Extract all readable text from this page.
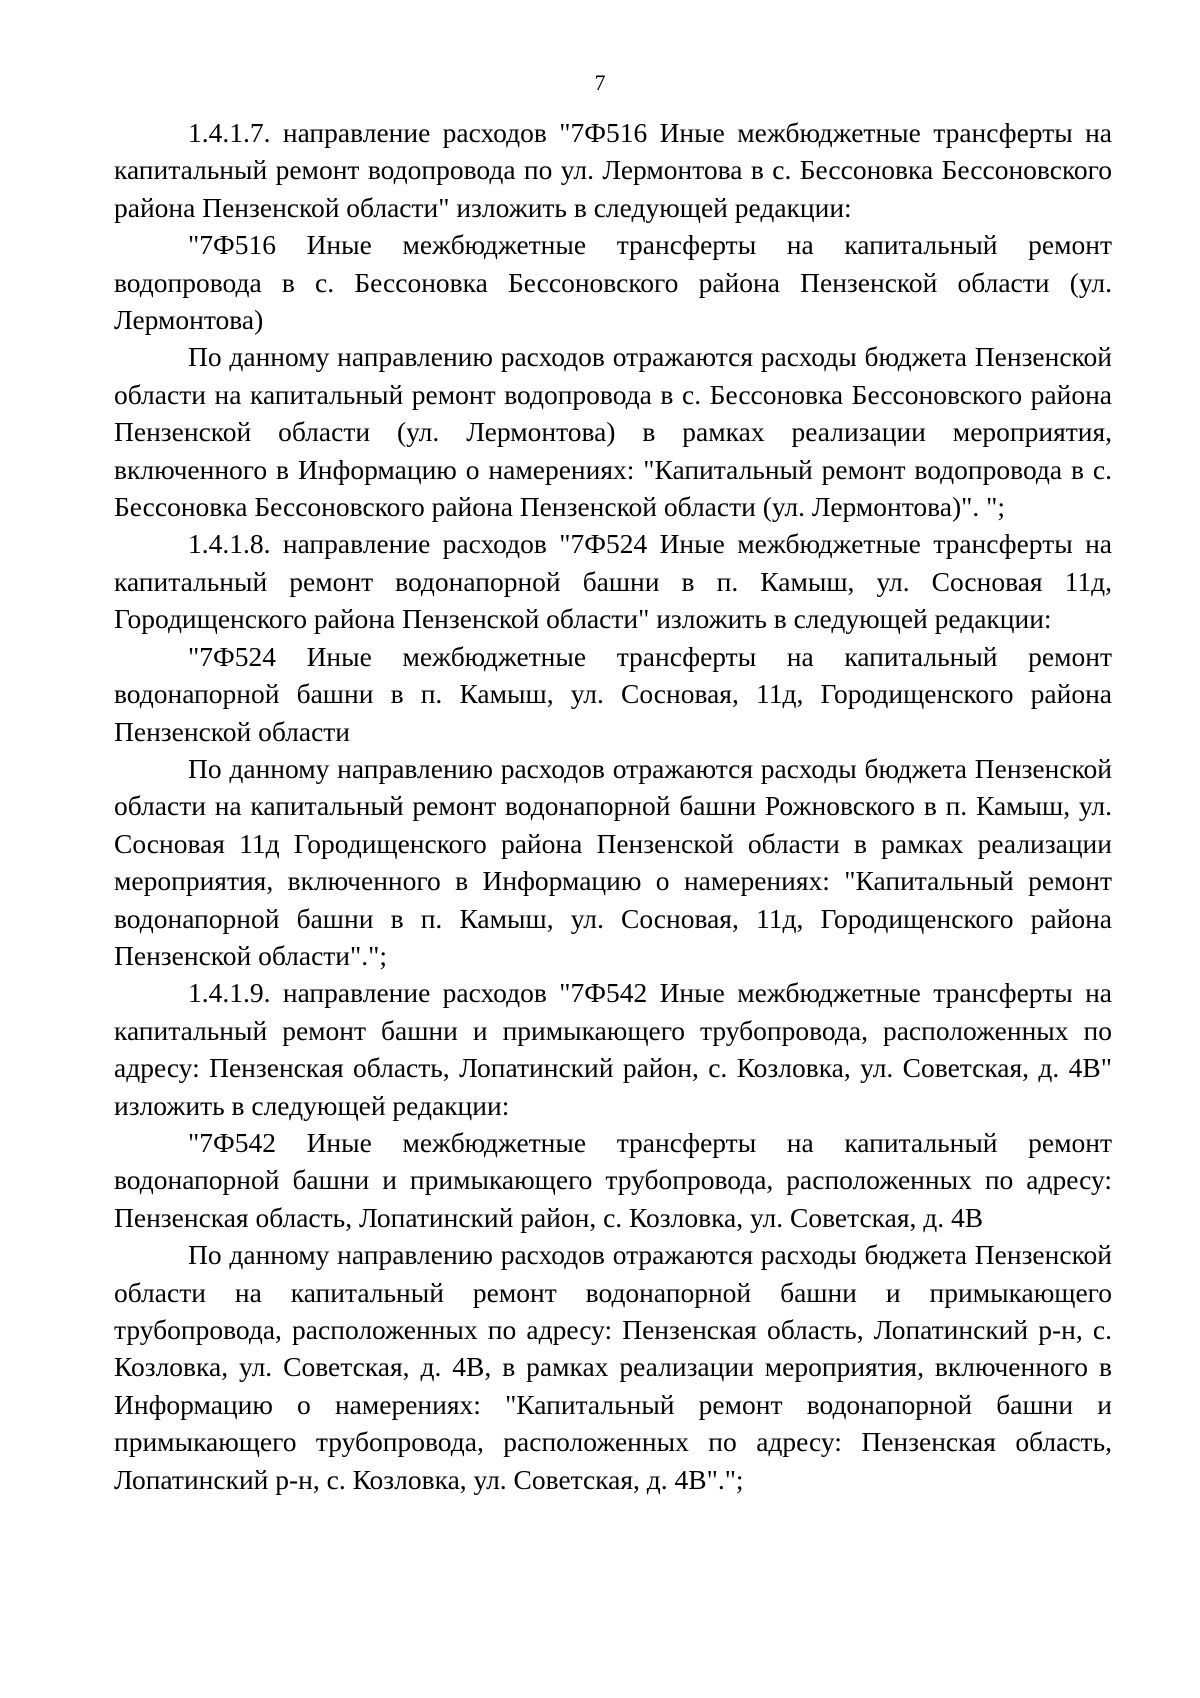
7

1.4.1.7. направление расходов "7Ф516 Иные межбюджетные трансферты на капитальный ремонт водопровода по ул. Лермонтова в с. Бессоновка Бессоновского района Пензенской области" изложить в следующей редакции:

"7Ф516 Иные межбюджетные трансферты на капитальный ремонт водопровода в с. Бессоновка Бессоновского района Пензенской области (ул. Лермонтова)

По данному направлению расходов отражаются расходы бюджета Пензенской области на капитальный ремонт водопровода в с. Бессоновка Бессоновского района Пензенской области (ул. Лермонтова) в рамках реализации мероприятия, включенного в Информацию о намерениях: "Капитальный ремонт водопровода в с. Бессоновка Бессоновского района Пензенской области (ул. Лермонтова)". ";

1.4.1.8. направление расходов "7Ф524 Иные межбюджетные трансферты на капитальный ремонт водонапорной башни в п. Камыш, ул. Сосновая 11д, Городищенского района Пензенской области" изложить в следующей редакции:

"7Ф524 Иные межбюджетные трансферты на капитальный ремонт водонапорной башни в п. Камыш, ул. Сосновая, 11д, Городищенского района Пензенской области

По данному направлению расходов отражаются расходы бюджета Пензенской области на капитальный ремонт водонапорной башни Рожновского в п. Камыш, ул. Сосновая 11д Городищенского района Пензенской области в рамках реализации мероприятия, включенного в Информацию о намерениях: "Капитальный ремонт водонапорной башни в п. Камыш, ул. Сосновая, 11д, Городищенского района Пензенской области".";

1.4.1.9. направление расходов "7Ф542 Иные межбюджетные трансферты на капитальный ремонт башни и примыкающего трубопровода, расположенных по адресу: Пензенская область, Лопатинский район, с. Козловка, ул. Советская, д. 4В" изложить в следующей редакции:

"7Ф542 Иные межбюджетные трансферты на капитальный ремонт водонапорной башни и примыкающего трубопровода, расположенных по адресу: Пензенская область, Лопатинский район, с. Козловка, ул. Советская, д. 4В

По данному направлению расходов отражаются расходы бюджета Пензенской области на капитальный ремонт водонапорной башни и примыкающего трубопровода, расположенных по адресу: Пензенская область, Лопатинский р-н, с. Козловка, ул. Советская, д. 4В, в рамках реализации мероприятия, включенного в Информацию о намерениях: "Капитальный ремонт водонапорной башни и примыкающего трубопровода, расположенных по адресу: Пензенская область, Лопатинский р-н, с. Козловка, ул. Советская, д. 4В".";
